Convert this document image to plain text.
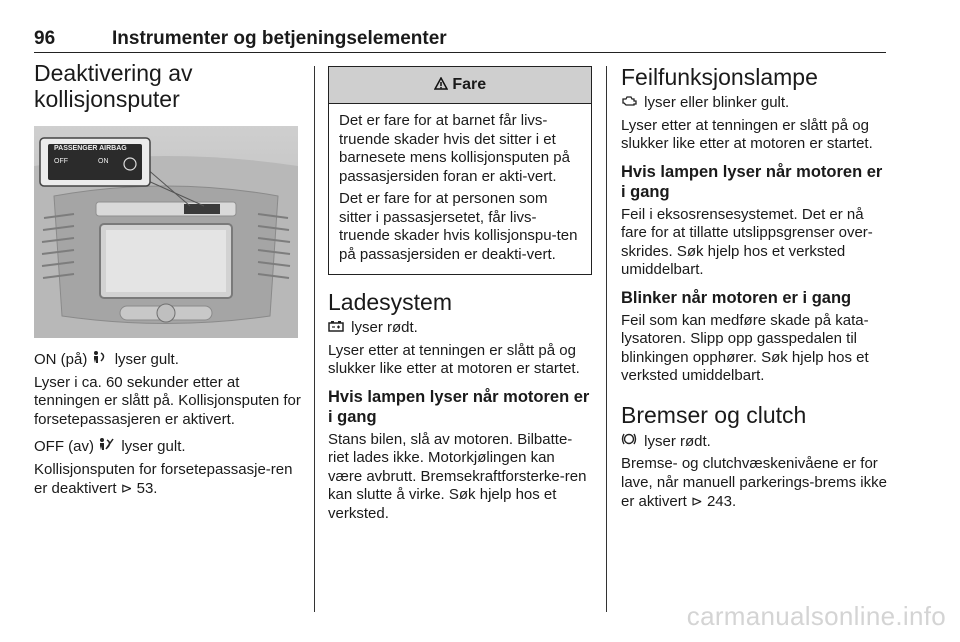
96	Instrumenter og betjeningselementer
Deaktivering av kollisjonsputer
PASSENGER AIRBAG
OFF	ON

ON (på) lyser gult.

Lyser i ca. 60 sekunder etter at tenningen er slått på. Kollisjonsputen for forsetepassasjeren er aktivert.

OFF (av) lyser gult.

Kollisjonsputen for forsetepassasje-ren er deaktivert ⊳ 53.

Fare

Det er fare for at barnet får livs-truende skader hvis det sitter i et barnesete mens kollisjonsputen på passasjersiden foran er akti-vert.

Det er fare for at personen som sitter i passasjersetet, får livs-truende skader hvis kollisjonspu-ten på passasjersiden er deakti-vert.

Ladesystem

lyser rødt.

Lyser etter at tenningen er slått på og slukker like etter at motoren er startet.

Hvis lampen lyser når motoren er i gang

Stans bilen, slå av motoren. Bilbatte-riet lades ikke. Motorkjølingen kan være avbrutt. Bremsekraftforsterke-ren kan slutte å virke. Søk hjelp hos et verksted.

Feilfunksjonslampe

lyser eller blinker gult.

Lyser etter at tenningen er slått på og slukker like etter at motoren er startet.

Hvis lampen lyser når motoren er i gang

Feil i eksosrensesystemet. Det er nå fare for at tillatte utslippsgrenser over-skrides. Søk hjelp hos et verksted umiddelbart.

Blinker når motoren er i gang

Feil som kan medføre skade på kata-lysatoren. Slipp opp gasspedalen til blinkingen opphører. Søk hjelp hos et verksted umiddelbart.

Bremser og clutch

lyser rødt.

Bremse- og clutchvæskenivåene er for lave, når manuell parkerings-brems ikke er aktivert ⊳ 243.

carmanualsonline.info
